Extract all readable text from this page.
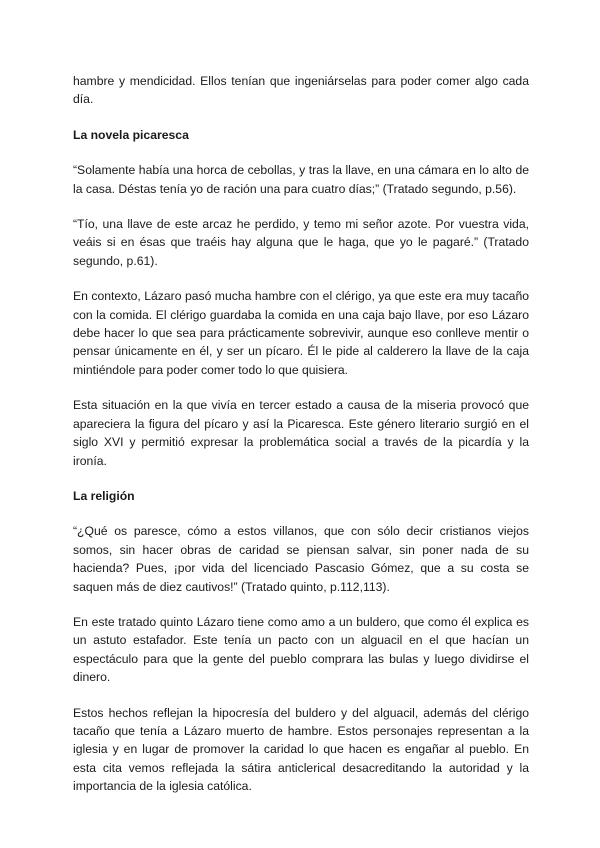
hambre y mendicidad. Ellos tenían que ingeniárselas para poder comer algo cada día.

La novela picaresca

“Solamente había una horca de cebollas, y tras la llave, en una cámara en lo alto de la casa. Déstas tenía yo de ración una para cuatro días;” (Tratado segundo, p.56).

“Tío, una llave de este arcaz he perdido, y temo mi señor azote. Por vuestra vida, veáis si en ésas que traéis hay alguna que le haga, que yo le pagaré.” (Tratado segundo, p.61).

En contexto, Lázaro pasó mucha hambre con el clérigo, ya que este era muy tacaño con la comida. El clérigo guardaba la comida en una caja bajo llave, por eso Lázaro debe hacer lo que sea para prácticamente sobrevivir, aunque eso conlleve mentir o pensar únicamente en él, y ser un pícaro. Él le pide al calderero la llave de la caja mintiéndole para poder comer todo lo que quisiera.

Esta situación en la que vivía en tercer estado a causa de la miseria provocó que apareciera la figura del pícaro y así la Picaresca. Este género literario surgió en el siglo XVI y permitió expresar la problemática social a través de la picardía y la ironía.

La religión

“¿Qué os paresce, cómo a estos villanos, que con sólo decir cristianos viejos somos, sin hacer obras de caridad se piensan salvar, sin poner nada de su hacienda? Pues, ¡por vida del licenciado Pascasio Gómez, que a su costa se saquen más de diez cautivos!” (Tratado quinto, p.112,113).

En este tratado quinto Lázaro tiene como amo a un buldero, que como él explica es un astuto estafador. Este tenía un pacto con un alguacil en el que hacían un espectáculo para que la gente del pueblo comprara las bulas y luego dividirse el dinero.

Estos hechos reflejan la hipocresía del buldero y del alguacil, además del clérigo tacaño que tenía a Lázaro muerto de hambre. Estos personajes representan a la iglesia y en lugar de promover la caridad lo que hacen es engañar al pueblo. En esta cita vemos reflejada la sátira anticlerical desacreditando la autoridad y la importancia de la iglesia católica.
